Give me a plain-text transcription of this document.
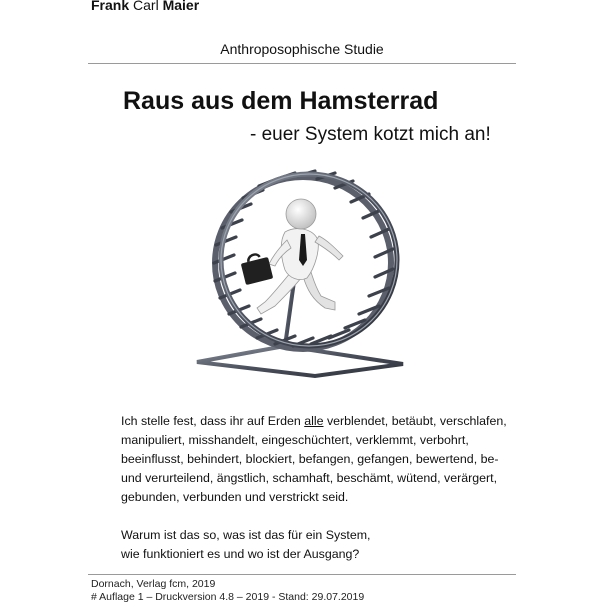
Frank Carl Maier
Anthroposophische Studie
Raus aus dem Hamsterrad
- euer System kotzt mich an!

Ich stelle fest, dass ihr auf Erden alle verblendet, betäubt, verschlafen, manipuliert, misshandelt, eingeschüchtert, verklemmt, verbohrt, beeinflusst, behindert, blockiert, befangen, gefangen, bewertend, be- und verurteilend, ängstlich, schamhaft, beschämt, wütend, verärgert, gebunden, verbunden und verstrickt seid.

Warum ist das so, was ist das für ein System,
wie funktioniert es und wo ist der Ausgang?

Dornach, Verlag fcm, 2019
# Auflage 1 – Druckversion 4.8 – 2019 - Stand: 29.07.2019
